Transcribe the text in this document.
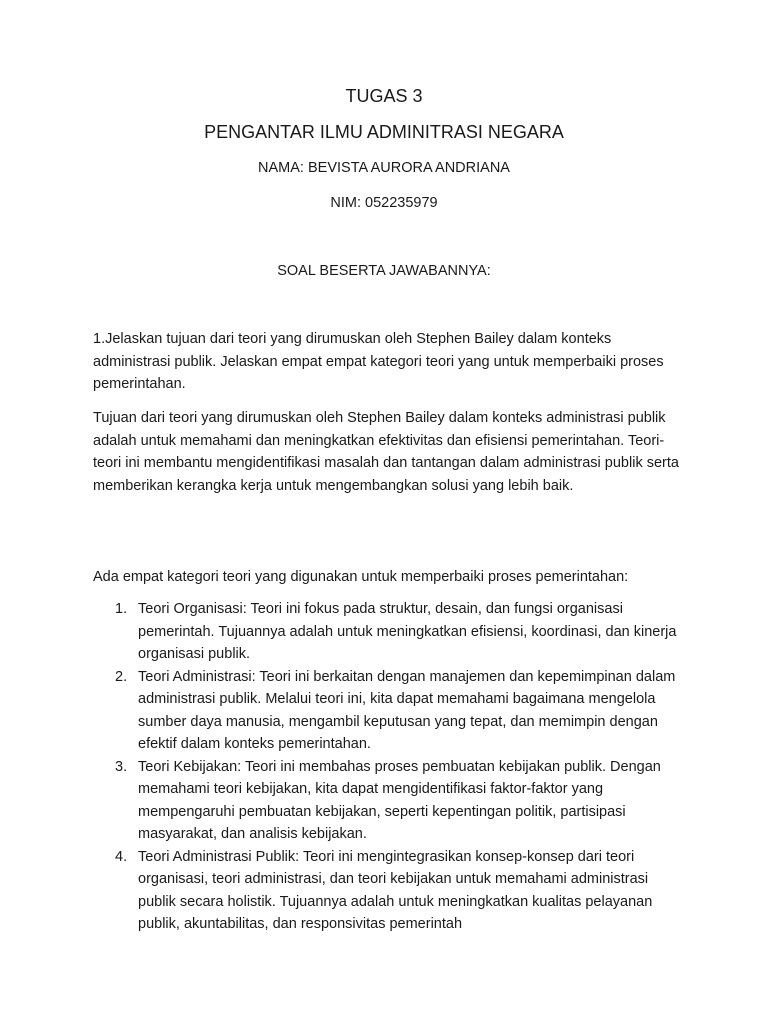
TUGAS 3
PENGANTAR ILMU ADMINITRASI NEGARA

NAMA: BEVISTA AURORA ANDRIANA

NIM: 052235979

SOAL BESERTA JAWABANNYA:

1.Jelaskan tujuan dari teori yang dirumuskan oleh Stephen Bailey dalam konteks administrasi publik. Jelaskan empat empat kategori teori yang untuk memperbaiki proses pemerintahan.

Tujuan dari teori yang dirumuskan oleh Stephen Bailey dalam konteks administrasi publik adalah untuk memahami dan meningkatkan efektivitas dan efisiensi pemerintahan. Teori-teori ini membantu mengidentifikasi masalah dan tantangan dalam administrasi publik serta memberikan kerangka kerja untuk mengembangkan solusi yang lebih baik.

Ada empat kategori teori yang digunakan untuk memperbaiki proses pemerintahan:

1. Teori Organisasi: Teori ini fokus pada struktur, desain, dan fungsi organisasi pemerintah. Tujuannya adalah untuk meningkatkan efisiensi, koordinasi, dan kinerja organisasi publik.
2. Teori Administrasi: Teori ini berkaitan dengan manajemen dan kepemimpinan dalam administrasi publik. Melalui teori ini, kita dapat memahami bagaimana mengelola sumber daya manusia, mengambil keputusan yang tepat, dan memimpin dengan efektif dalam konteks pemerintahan.
3. Teori Kebijakan: Teori ini membahas proses pembuatan kebijakan publik. Dengan memahami teori kebijakan, kita dapat mengidentifikasi faktor-faktor yang mempengaruhi pembuatan kebijakan, seperti kepentingan politik, partisipasi masyarakat, dan analisis kebijakan.
4. Teori Administrasi Publik: Teori ini mengintegrasikan konsep-konsep dari teori organisasi, teori administrasi, dan teori kebijakan untuk memahami administrasi publik secara holistik. Tujuannya adalah untuk meningkatkan kualitas pelayanan publik, akuntabilitas, dan responsivitas pemerintah
